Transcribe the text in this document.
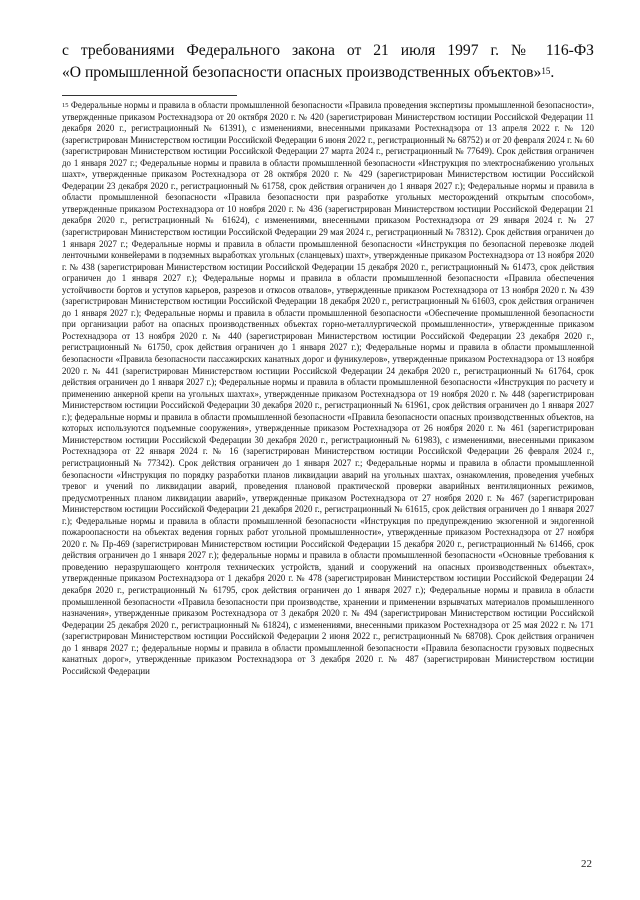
с требованиями Федерального закона от 21 июля 1997 г. № 116-ФЗ
«О промышленной безопасности опасных производственных объектов»$^{15}$.
$^{15}$ Федеральные нормы и правила в области промышленной безопасности «Правила проведения экспертизы промышленной безопасности», утвержденные приказом Ростехнадзора от 20 октября 2020 г. № 420 (зарегистрирован Министерством юстиции Российской Федерации 11 декабря 2020 г., регистрационный № 61391), с изменениями, внесенными приказами Ростехнадзора от 13 апреля 2022 г. № 120 (зарегистрирован Министерством юстиции Российской Федерации 6 июня 2022 г., регистрационный № 68752) и от 20 февраля 2024 г. № 60 (зарегистрирован Министерством юстиции Российской Федерации 27 марта 2024 г., регистрационный № 77649). Срок действия ограничен до 1 января 2027 г.; Федеральные нормы и правила в области промышленной безопасности «Инструкция по электроснабжению угольных шахт», утвержденные приказом Ростехнадзора от 28 октября 2020 г. № 429 (зарегистрирован Министерством юстиции Российской Федерации 23 декабря 2020 г., регистрационный № 61758, срок действия ограничен до 1 января 2027 г.); Федеральные нормы и правила в области промышленной безопасности «Правила безопасности при разработке угольных месторождений открытым способом», утвержденные приказом Ростехнадзора от 10 ноября 2020 г. № 436 (зарегистрирован Министерством юстиции Российской Федерации 21 декабря 2020 г., регистрационный № 61624), с изменениями, внесенными приказом Ростехнадзора от 29 января 2024 г. № 27 (зарегистрирован Министерством юстиции Российской Федерации 29 мая 2024 г., регистрационный № 78312). Срок действия ограничен до 1 января 2027 г.; Федеральные нормы и правила в области промышленной безопасности «Инструкция по безопасной перевозке людей ленточными конвейерами в подземных выработках угольных (сланцевых) шахт», утвержденные приказом Ростехнадзора от 13 ноября 2020 г. № 438 (зарегистрирован Министерством юстиции Российской Федерации 15 декабря 2020 г., регистрационный № 61473, срок действия ограничен до 1 января 2027 г.); Федеральные нормы и правила в области промышленной безопасности «Правила обеспечения устойчивости бортов и уступов карьеров, разрезов и откосов отвалов», утвержденные приказом Ростехнадзора от 13 ноября 2020 г. № 439 (зарегистрирован Министерством юстиции Российской Федерации 18 декабря 2020 г., регистрационный № 61603, срок действия ограничен до 1 января 2027 г.); Федеральные нормы и правила в области промышленной безопасности «Обеспечение промышленной безопасности при организации работ на опасных производственных объектах горно-металлургической промышленности», утвержденные приказом Ростехнадзора от 13 ноября 2020 г. № 440 (зарегистрирован Министерством юстиции Российской Федерации 23 декабря 2020 г., регистрационный № 61750, срок действия ограничен до 1 января 2027 г.); Федеральные нормы и правила в области промышленной безопасности «Правила безопасности пассажирских канатных дорог и фуникулеров», утвержденные приказом Ростехнадзора от 13 ноября 2020 г. № 441 (зарегистрирован Министерством юстиции Российской Федерации 24 декабря 2020 г., регистрационный № 61764, срок действия ограничен до 1 января 2027 г.); Федеральные нормы и правила в области промышленной безопасности «Инструкция по расчету и применению анкерной крепи на угольных шахтах», утвержденные приказом Ростехнадзора от 19 ноября 2020 г. № 448 (зарегистрирован Министерством юстиции Российской Федерации 30 декабря 2020 г., регистрационный № 61961, срок действия ограничен до 1 января 2027 г.); федеральные нормы и правила в области промышленной безопасности «Правила безопасности опасных производственных объектов, на которых используются подъемные сооружения», утвержденные приказом Ростехнадзора от 26 ноября 2020 г. № 461 (зарегистрирован Министерством юстиции Российской Федерации 30 декабря 2020 г., регистрационный № 61983), с изменениями, внесенными приказом Ростехнадзора от 22 января 2024 г. № 16 (зарегистрирован Министерством юстиции Российской Федерации 26 февраля 2024 г., регистрационный № 77342). Срок действия ограничен до 1 января 2027 г.; Федеральные нормы и правила в области промышленной безопасности «Инструкция по порядку разработки планов ликвидации аварий на угольных шахтах, ознакомления, проведения учебных тревог и учений по ликвидации аварий, проведения плановой практической проверки аварийных вентиляционных режимов, предусмотренных планом ликвидации аварий», утвержденные приказом Ростехнадзора от 27 ноября 2020 г. № 467 (зарегистрирован Министерством юстиции Российской Федерации 21 декабря 2020 г., регистрационный № 61615, срок действия ограничен до 1 января 2027 г.); Федеральные нормы и правила в области промышленной безопасности «Инструкция по предупреждению экзогенной и эндогенной пожароопасности на объектах ведения горных работ угольной промышленности», утвержденные приказом Ростехнадзора от 27 ноября 2020 г. № Пр-469 (зарегистрирован Министерством юстиции Российской Федерации 15 декабря 2020 г., регистрационный № 61466, срок действия ограничен до 1 января 2027 г.); федеральные нормы и правила в области промышленной безопасности «Основные требования к проведению неразрушающего контроля технических устройств, зданий и сооружений на опасных производственных объектах», утвержденные приказом Ростехнадзора от 1 декабря 2020 г. № 478 (зарегистрирован Министерством юстиции Российской Федерации 24 декабря 2020 г., регистрационный № 61795, срок действия ограничен до 1 января 2027 г.); Федеральные нормы и правила в области промышленной безопасности «Правила безопасности при производстве, хранении и применении взрывчатых материалов промышленного назначения», утвержденные приказом Ростехнадзора от 3 декабря 2020 г. № 494 (зарегистрирован Министерством юстиции Российской Федерации 25 декабря 2020 г., регистрационный № 61824), с изменениями, внесенными приказом Ростехнадзора от 25 мая 2022 г. № 171 (зарегистрирован Министерством юстиции Российской Федерации 2 июня 2022 г., регистрационный № 68708). Срок действия ограничен до 1 января 2027 г.; федеральные нормы и правила в области промышленной безопасности «Правила безопасности грузовых подвесных канатных дорог», утвержденные приказом Ростехнадзора от 3 декабря 2020 г. № 487 (зарегистрирован Министерством юстиции Российской Федерации
22
